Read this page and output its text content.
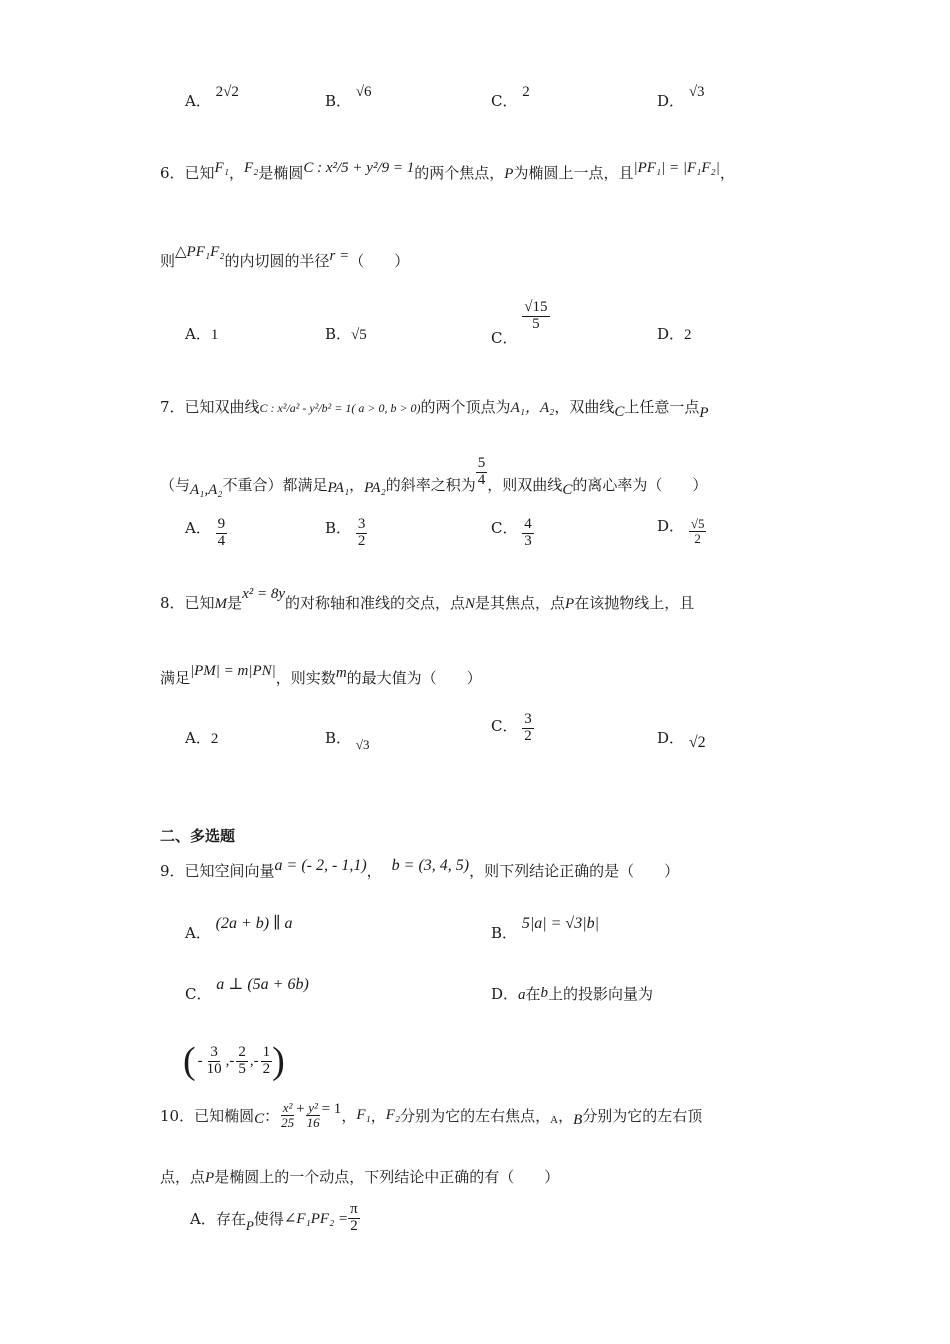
A． 2√2	B． √6	C． 2	D． √3
6．已知F₁，F₂是椭圆C : x²/5 + y²/9 = 1的两个焦点，P为椭圆上一点，且|PF₁| = |F₁F₂|，
则△PF₁F₂的内切圆的半径r =（　　）
A．1	B．√5	C．
$\frac{√15}{5}$
D．2
7．已知双曲线C : x²/a² - y²/b² = 1( a > 0, b > 0)的两个顶点为A₁，A₂，双曲线C上任意一点P
（与A₁,A₂不重合）都满足PA₁，PA₂的斜率之积为 $\frac{5}{4}$ ，则双曲线C的离心率为（　　）
A． $\frac{9}{4}$	B． $\frac{3}{2}$	C． $\frac{4}{3}$	D． $\frac{√5}{2}$
8．已知M是x² = 8y的对称轴和准线的交点，点N是其焦点，点P在该抛物线上，且
满足|PM| = m|PN|，则实数m的最大值为（　　）
A．2	B． √3
C． $\frac{3}{2}$	D． √2
二、多选题
9．已知空间向量a = (- 2, - 1,1)， b = (3, 4, 5)，则下列结论正确的是（　　）
A． (2a + b) ∥ a
B． 5|a| = √3|b|
C． a ⊥ (5a + 6b)
D．a在b上的投影向量为
( - $\frac{3}{10}$ ,- $\frac{2}{5}$ ,- $\frac{1}{2}$ )
10．已知椭圆 C ： $\frac{\text{x²}}{25} + \frac{\text{y²}}{16} = 1$ ， F₁ ， F₂ 分别为它的左右焦点， A ， B 分别为它的左右顶
点，点P是椭圆上的一个动点，下列结论中正确的有（　　）
A．存在 P 使得 ∠F₁PF₂ = $\frac{\pi}{2}$
